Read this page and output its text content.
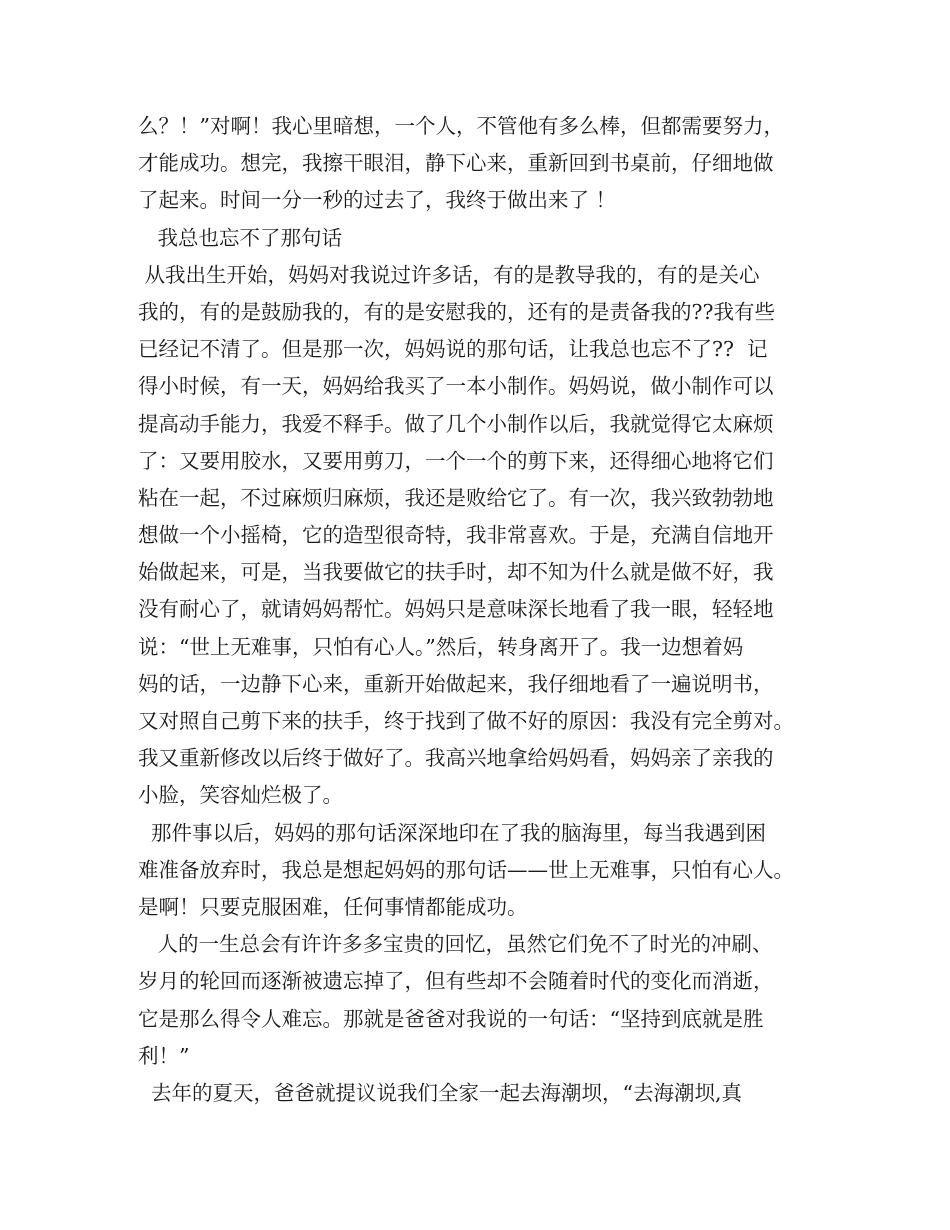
么？！”对啊！我心里暗想，一个人，不管他有多么棒，但都需要努力，
才能成功。想完，我擦干眼泪，静下心来，重新回到书桌前，仔细地做
了起来。时间一分一秒的过去了，我终于做出来了 ！
我总也忘不了那句话
从我出生开始，妈妈对我说过许多话，有的是教导我的，有的是关心
我的，有的是鼓励我的，有的是安慰我的，还有的是责备我的??我有些
已经记不清了。但是那一次，妈妈说的那句话，让我总也忘不了??  记
得小时候，有一天，妈妈给我买了一本小制作。妈妈说，做小制作可以
提高动手能力，我爱不释手。做了几个小制作以后，我就觉得它太麻烦
了：又要用胶水，又要用剪刀，一个一个的剪下来，还得细心地将它们
粘在一起，不过麻烦归麻烦，我还是败给它了。有一次，我兴致勃勃地
想做一个小摇椅，它的造型很奇特，我非常喜欢。于是，充满自信地开
始做起来，可是，当我要做它的扶手时，却不知为什么就是做不好，我
没有耐心了，就请妈妈帮忙。妈妈只是意味深长地看了我一眼，轻轻地
说：“世上无难事，只怕有心人。”然后，转身离开了。我一边想着妈
妈的话，一边静下心来，重新开始做起来，我仔细地看了一遍说明书，
又对照自己剪下来的扶手，终于找到了做不好的原因：我没有完全剪对。
我又重新修改以后终于做好了。我高兴地拿给妈妈看，妈妈亲了亲我的
小脸，笑容灿烂极了。
那件事以后，妈妈的那句话深深地印在了我的脑海里，每当我遇到困
难准备放弃时，我总是想起妈妈的那句话——世上无难事，只怕有心人。
是啊！只要克服困难，任何事情都能成功。
人的一生总会有许许多多宝贵的回忆，虽然它们免不了时光的冲刷、
岁月的轮回而逐渐被遗忘掉了，但有些却不会随着时代的变化而消逝，
它是那么得令人难忘。那就是爸爸对我说的一句话：“坚持到底就是胜
利！”
去年的夏天，爸爸就提议说我们全家一起去海潮坝，“去海潮坝,真
